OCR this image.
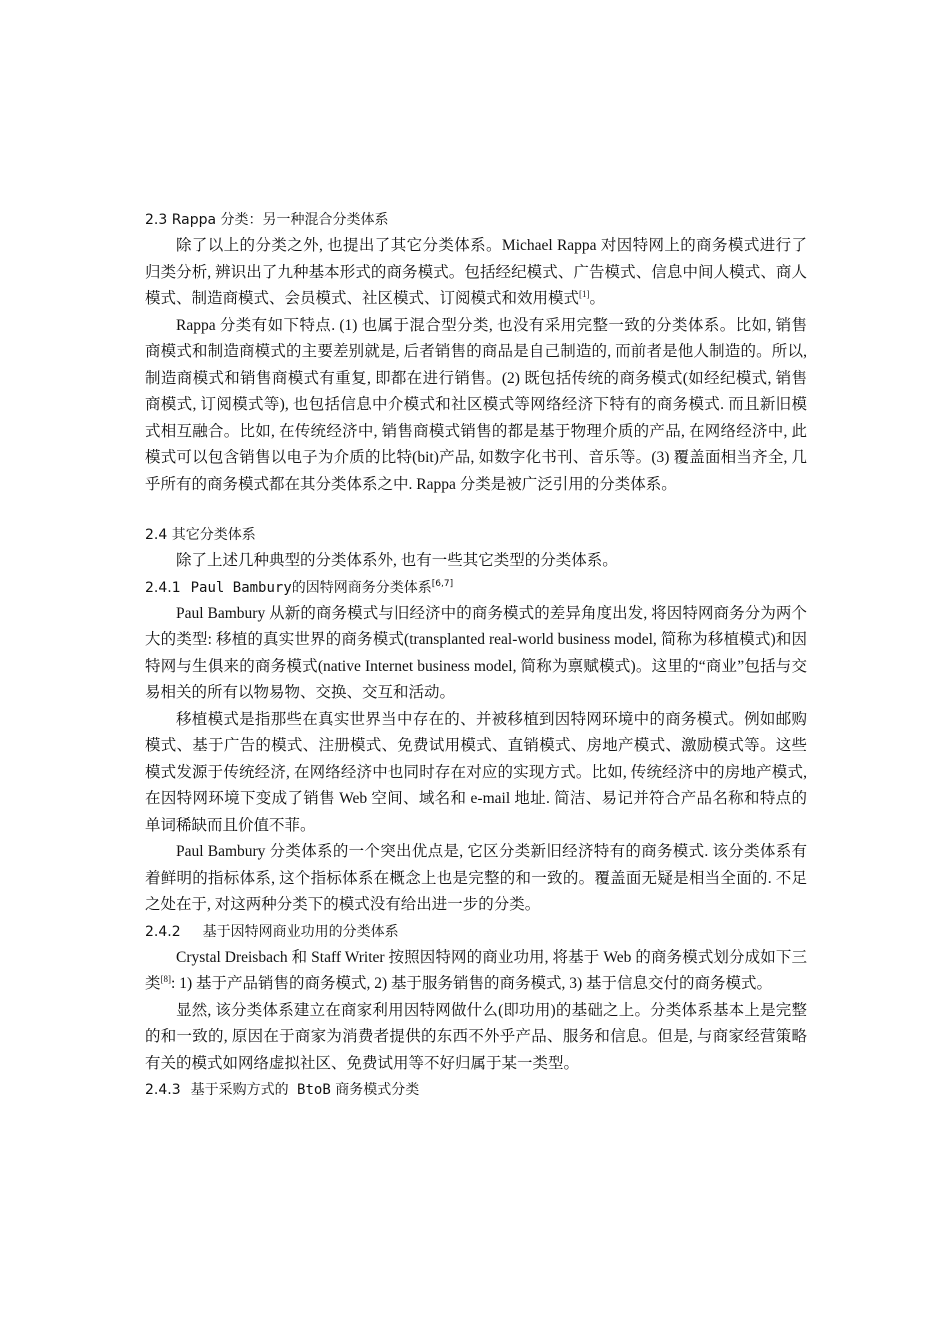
2.3 Rappa 分类：另一种混合分类体系

除了以上的分类之外, 也提出了其它分类体系。Michael Rappa 对因特网上的商务模式进行了归类分析, 辨识出了九种基本形式的商务模式。包括经纪模式、广告模式、信息中间人模式、商人模式、制造商模式、会员模式、社区模式、订阅模式和效用模式[1]。

Rappa 分类有如下特点. (1) 也属于混合型分类, 也没有采用完整一致的分类体系。比如, 销售商模式和制造商模式的主要差别就是, 后者销售的商品是自己制造的, 而前者是他人制造的。所以, 制造商模式和销售商模式有重复, 即都在进行销售。(2) 既包括传统的商务模式(如经纪模式, 销售商模式, 订阅模式等), 也包括信息中介模式和社区模式等网络经济下特有的商务模式. 而且新旧模式相互融合。比如, 在传统经济中, 销售商模式销售的都是基于物理介质的产品, 在网络经济中, 此模式可以包含销售以电子为介质的比特(bit)产品, 如数字化书刊、音乐等。(3) 覆盖面相当齐全, 几乎所有的商务模式都在其分类体系之中. Rappa 分类是被广泛引用的分类体系。

2.4 其它分类体系

除了上述几种典型的分类体系外, 也有一些其它类型的分类体系。

2.4.1 Paul Bambury的因特网商务分类体系[6,7]

Paul Bambury 从新的商务模式与旧经济中的商务模式的差异角度出发, 将因特网商务分为两个大的类型: 移植的真实世界的商务模式(transplanted real-world business model, 简称为移植模式)和因特网与生俱来的商务模式(native Internet business model, 简称为禀赋模式)。这里的“商业”包括与交易相关的所有以物易物、交换、交互和活动。

移植模式是指那些在真实世界当中存在的、并被移植到因特网环境中的商务模式。例如邮购模式、基于广告的模式、注册模式、免费试用模式、直销模式、房地产模式、激励模式等。这些模式发源于传统经济, 在网络经济中也同时存在对应的实现方式。比如, 传统经济中的房地产模式, 在因特网环境下变成了销售 Web 空间、域名和 e-mail 地址. 简洁、易记并符合产品名称和特点的单词稀缺而且价值不菲。

Paul Bambury 分类体系的一个突出优点是, 它区分类新旧经济特有的商务模式. 该分类体系有着鲜明的指标体系, 这个指标体系在概念上也是完整的和一致的。覆盖面无疑是相当全面的. 不足之处在于, 对这两种分类下的模式没有给出进一步的分类。

2.4.2 基于因特网商业功用的分类体系

Crystal Dreisbach 和 Staff Writer 按照因特网的商业功用, 将基于 Web 的商务模式划分成如下三类[8]: 1) 基于产品销售的商务模式, 2) 基于服务销售的商务模式, 3) 基于信息交付的商务模式。

显然, 该分类体系建立在商家利用因特网做什么(即功用)的基础之上。分类体系基本上是完整的和一致的, 原因在于商家为消费者提供的东西不外乎产品、服务和信息。但是, 与商家经营策略有关的模式如网络虚拟社区、免费试用等不好归属于某一类型。

2.4.3 基于采购方式的 BtoB 商务模式分类
